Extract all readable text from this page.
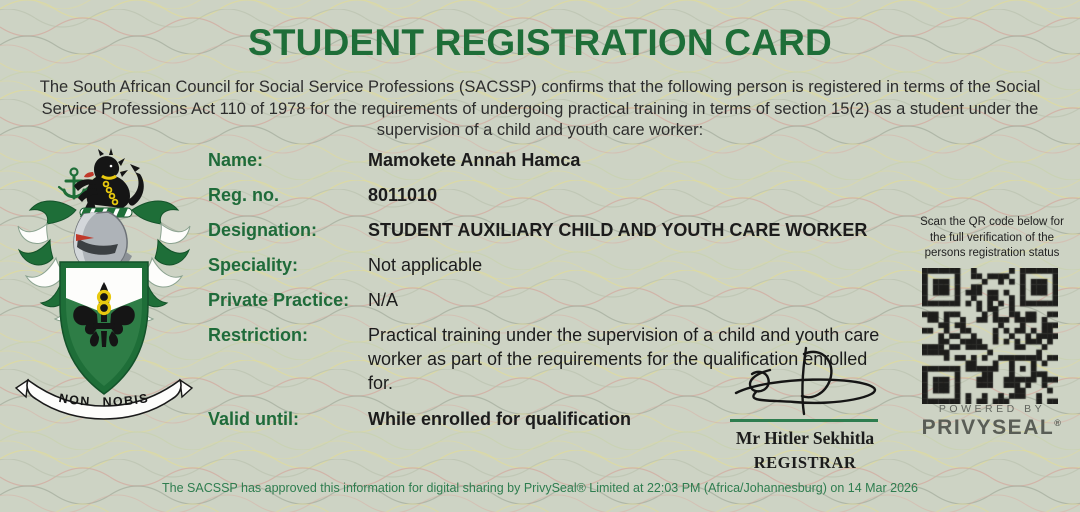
STUDENT REGISTRATION CARD
The South African Council for Social Service Professions (SACSSP) confirms that the following person is registered in terms of the Social Service Professions Act 110 of 1978 for the requirements of undergoing practical training in terms of section 15(2) as a student under the supervision of a child and youth care worker:
NON NOBIS
Name:	Mamokete Annah Hamca
Reg. no.	8011010
Designation:	STUDENT AUXILIARY CHILD AND YOUTH CARE WORKER
Speciality:	Not applicable
Private Practice:	N/A
Restriction:	Practical training under the supervision of a child and youth care worker as part of the requirements for the qualification enrolled for.
Valid until:	While enrolled for qualification
Scan the QR code below for the full verification of the persons registration status
POWERED BY
PRIVYSEAL®
Mr Hitler Sekhitla
REGISTRAR
The SACSSP has approved this information for digital sharing by PrivySeal® Limited at 22:03 PM (Africa/Johannesburg) on 14 Mar 2026
